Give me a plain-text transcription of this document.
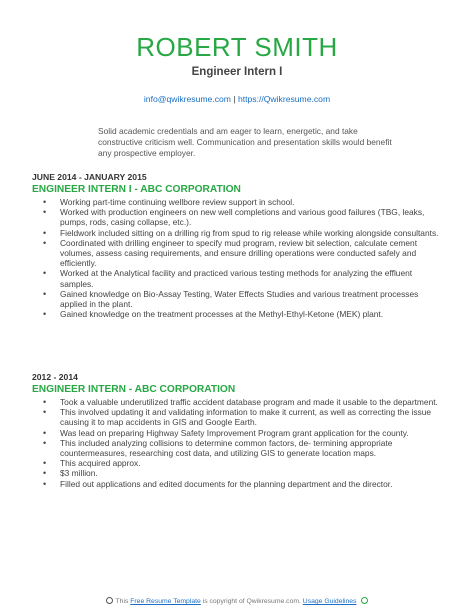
ROBERT SMITH
Engineer Intern I
info@qwikresume.com | https://Qwikresume.com

Solid academic credentials and am eager to learn, energetic, and take constructive criticism well. Communication and presentation skills would benefit any prospective employer.

JUNE 2014 - JANUARY 2015
ENGINEER INTERN I - ABC CORPORATION
• Working part-time continuing wellbore review support in school.
• Worked with production engineers on new well completions and various good failures (TBG, leaks, pumps, rods, casing collapse, etc.).
• Fieldwork included sitting on a drilling rig from spud to rig release while working alongside consultants.
• Coordinated with drilling engineer to specify mud program, review bit selection, calculate cement volumes, assess casing requirements, and ensure drilling operations were conducted safely and efficiently.
• Worked at the Analytical facility and practiced various testing methods for analyzing the effluent samples.
• Gained knowledge on Bio-Assay Testing, Water Effects Studies and various treatment processes applied in the plant.
• Gained knowledge on the treatment processes at the Methyl-Ethyl-Ketone (MEK) plant.
2012 - 2014
ENGINEER INTERN - ABC CORPORATION
• Took a valuable underutilized traffic accident database program and made it usable to the department.
• This involved updating it and validating information to make it current, as well as correcting the issue causing it to map accidents in GIS and Google Earth.
• Was lead on preparing Highway Safety Improvement Program grant application for the county.
• This included analyzing collisions to determine common factors, de- termining appropriate countermeasures, researching cost data, and utilizing GIS to generate location maps.
• This acquired approx.
• $3 million.
• Filled out applications and edited documents for the planning department and the director.
This Free Resume Template is copyright of Qwikresume.com. Usage Guidelines
